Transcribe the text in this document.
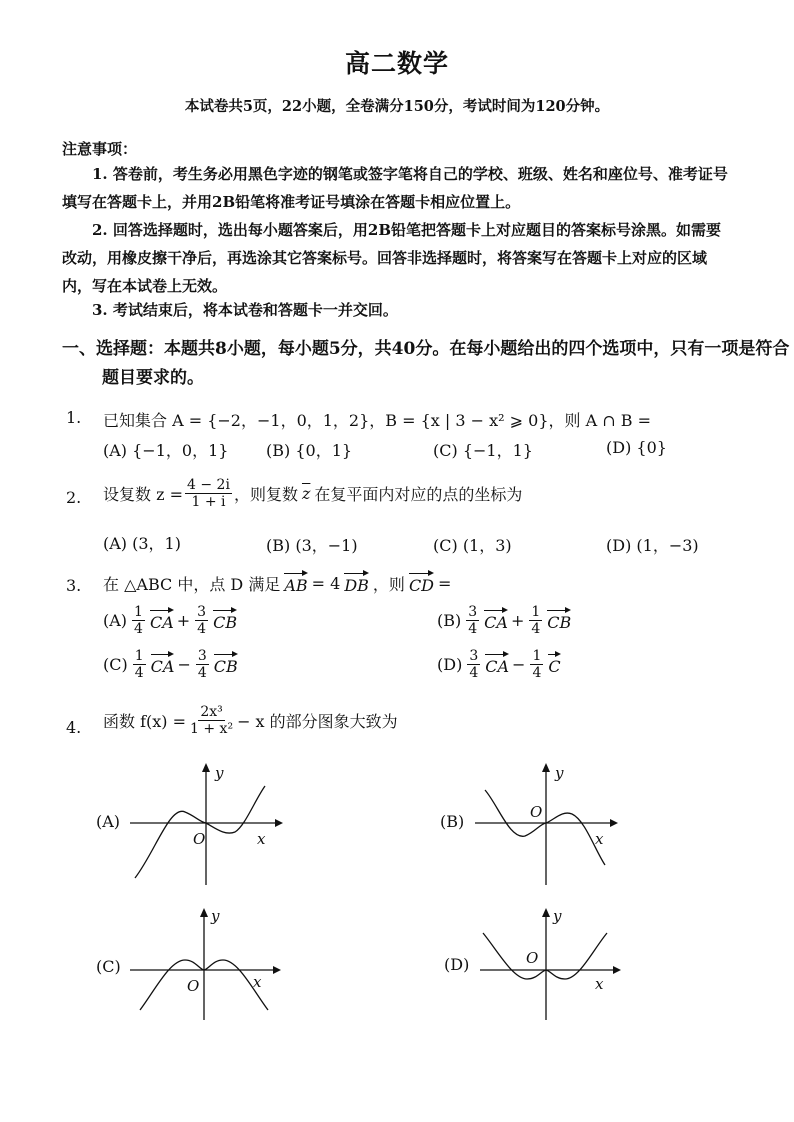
高二数学
本试卷共5页，22小题，全卷满分150分，考试时间为120分钟。
注意事项：
1. 答卷前，考生务必用黑色字迹的钢笔或签字笔将自己的学校、班级、姓名和座位号、准考证号填写在答题卡上，并用2B铅笔将准考证号填涂在答题卡相应位置上。
2. 回答选择题时，选出每小题答案后，用2B铅笔把答题卡上对应题目的答案标号涂黑。如需要改动，用橡皮擦干净后，再选涂其它答案标号。回答非选择题时，将答案写在答题卡上对应的区域内，写在本试卷上无效。
3. 考试结束后，将本试卷和答题卡一并交回。
一、选择题：本题共8小题，每小题5分，共40分。在每小题给出的四个选项中，只有一项是符合题目要求的。
1. 已知集合 A = {−2，−1，0，1，2}，B = {x | 3 − x² ⩾ 0}，则 A ∩ B =
(A) {−1，0，1} (B) {0，1}	(C) {−1，1}	(D) {0}
2. 设复数 $z = \frac{4 - 2i}{1 + i}$ ，则复数 $\overline{z}$ 在复平面内对应的点的坐标为
(A) (3，1)	(B) (3，−1)	(C) (1，3)	(D) (1，−3)
3. 在 △ABC 中，点 D 满足 AB = 4 DB ，则 CD =
$(A) \frac{1}{4}$ CA + $\frac{3}{4}$ CB	$(B) \frac{3}{4}$ CA + $\frac{1}{4}$ CB
$(C) \frac{1}{4}$ CA − $\frac{3}{4}$ CB	$(D) \frac{3}{4}$ CA − $\frac{1}{4}$ C
4. 函数 $f(x) = \frac{\text{2x³}}{\text{1 + x²}} - x$ 的部分图象大致为
(A)	(B)
(C)	(D)
O	x
y
O
x
y
O	x
y
O
x
y
